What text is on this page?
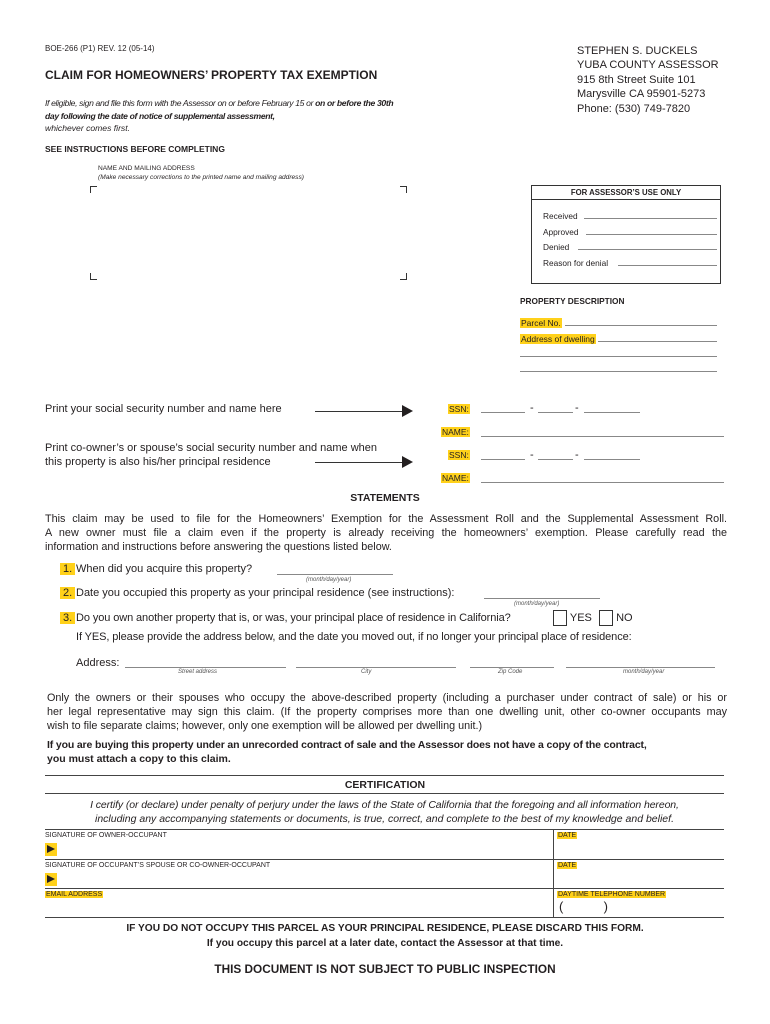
BOE-266 (P1) REV. 12 (05-14)
CLAIM FOR HOMEOWNERS’ PROPERTY TAX EXEMPTION
If eligible, sign and file this form with the Assessor on or before February 15 or on or before the 30th day following the date of notice of supplemental assessment,
whichever comes first.
SEE INSTRUCTIONS BEFORE COMPLETING
STEPHEN S. DUCKELS
YUBA COUNTY ASSESSOR
915 8th Street Suite 101
Marysville CA 95901-5273
Phone: (530) 749-7820
NAME AND MAILING ADDRESS
(Make necessary corrections to the printed name and mailing address)
FOR ASSESSOR’S USE ONLY
Received
Approved
Denied
Reason for denial
PROPERTY DESCRIPTION
Parcel No.
Address of dwelling
Print your social security number and name here	SSN:	-	-
NAME:
Print co-owner’s or spouse’s social security number and name when
this property is also his/her principal residence
SSN:	-	-
NAME:
STATEMENTS
This claim may be used to file for the Homeowners’ Exemption for the Assessment Roll and the Supplemental Assessment Roll.
A new owner must file a claim even if the property is already receiving the homeowners’ exemption. Please carefully read the
information and instructions before answering the questions listed below.
1. When did you acquire this property?
(month/day/year)
2. Date you occupied this property as your principal residence (see instructions):
(month/day/year)
3. Do you own another property that is, or was, your principal place of residence in California?	YES	NO
If YES, please provide the address below, and the date you moved out, if no longer your principal place of residence:
Address:
Street address	City	Zip Code	month/day/year
Only the owners or their spouses who occupy the above-described property (including a purchaser under contract of sale) or his or
her legal representative may sign this claim. (If the property comprises more than one dwelling unit, other co-owner occupants may
wish to file separate claims; however, only one exemption will be allowed per dwelling unit.)
If you are buying this property under an unrecorded contract of sale and the Assessor does not have a copy of the contract,
you must attach a copy to this claim.
CERTIFICATION
I certify (or declare) under penalty of perjury under the laws of the State of California that the foregoing and all information hereon,
including any accompanying statements or documents, is true, correct, and complete to the best of my knowledge and belief.
SIGNATURE OF OWNER-OCCUPANT	DATE
SIGNATURE OF OCCUPANT’S SPOUSE OR CO-OWNER-OCCUPANT	DATE
EMAIL ADDRESS	DAYTIME TELEPHONE NUMBER
(	)
IF YOU DO NOT OCCUPY THIS PARCEL AS YOUR PRINCIPAL RESIDENCE, PLEASE DISCARD THIS FORM.
If you occupy this parcel at a later date, contact the Assessor at that time.
THIS DOCUMENT IS NOT SUBJECT TO PUBLIC INSPECTION
